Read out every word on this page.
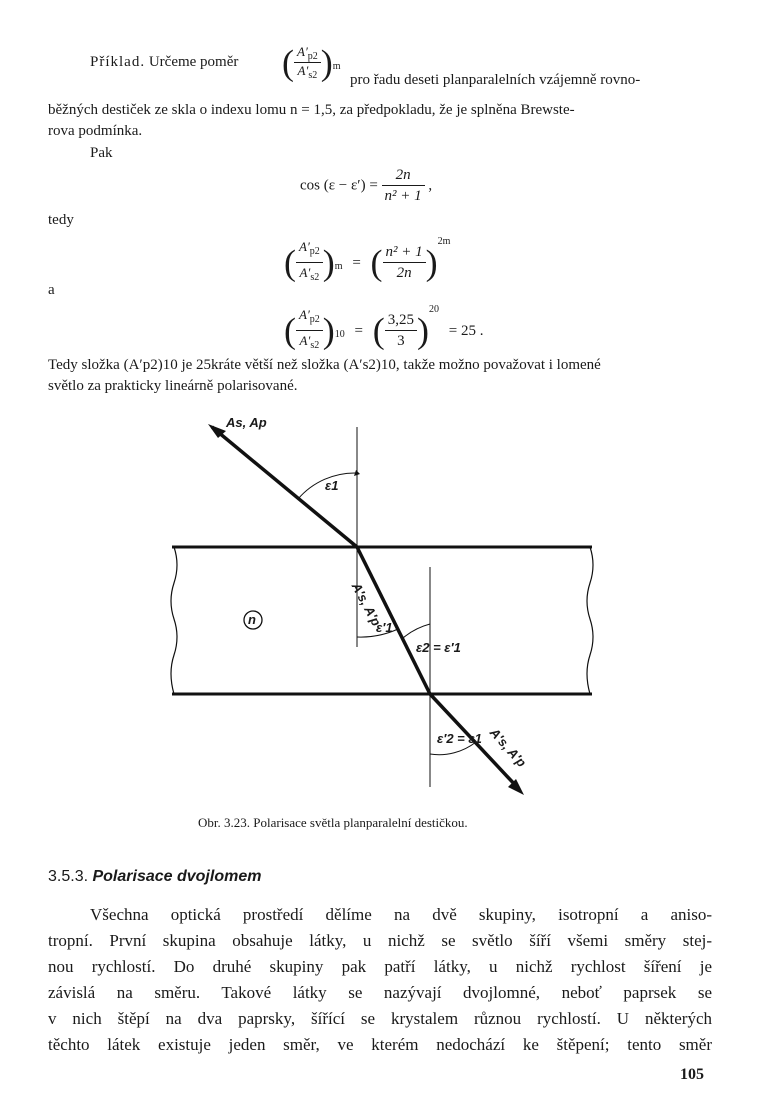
Příklad. Určeme poměr ( $\frac{A'_{p2}}{A'_{s2}} )_m$
pro řadu deseti planparalelních vzájemně rovno-
běžných destiček ze skla o indexu lomu n = 1,5, za předpokladu, že je splněna Brewste-
rova podmínka.
Pak
$\cos (\varepsilon - \varepsilon') = \frac{2n}{\text{n² + 1}}$ ,
tedy
( $\frac{A'_{p2}}{A'_{s2}} )_m$ = ( $\frac{\text{n² + 1}}{2n} )^{2m}$
a
( $\frac{A'_{p2}}{A'_{s2}} )_{10}$ = ( $\frac{3,25}{3} )^{20} = 25$ .
Tedy složka (A′p2)10 je 25kráte větší než složka (A′s2)10, takže možno považovat i lomené
světlo za prakticky lineárně polarisované.
As, Ap
ε1
n	A′s, A′p
ε′1
ε2 = ε′1
ε′2 = ε1 A′s, A′p
Obr. 3.23. Polarisace světla planparalelní destičkou.
3.5.3. Polarisace dvojlomem
Všechna optická prostředí dělíme na dvě skupiny, isotropní a aniso-
tropní. První skupina obsahuje látky, u nichž se světlo šíří všemi směry stej-
nou rychlostí. Do druhé skupiny pak patří látky, u nichž rychlost šíření je
závislá na směru. Takové látky se nazývají dvojlomné, neboť paprsek se
v nich štěpí na dva paprsky, šířící se krystalem různou rychlostí. U některých
těchto látek existuje jeden směr, ve kterém nedochází ke štěpení; tento směr
105
